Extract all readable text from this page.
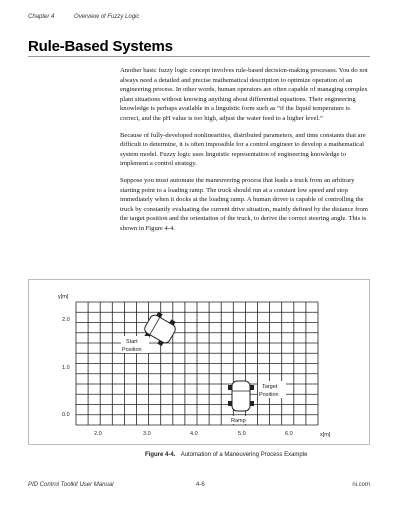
Chapter 4	Overview of Fuzzy Logic
Rule-Based Systems

Another basic fuzzy logic concept involves rule-based decision-making processes. You do not always need a detailed and precise mathematical description to optimize operation of an engineering process. In other words, human operators are often capable of managing complex plant situations without knowing anything about differential equations. Their engineering knowledge is perhaps available in a linguistic form such as “if the liquid temperature is correct, and the pH value is too high, adjust the water feed to a higher level.”

Because of fully-developed nonlinearities, distributed parameters, and time constants that are difficult to determine, it is often impossible for a control engineer to develop a mathematical system model. Fuzzy logic uses linguistic representation of engineering knowledge to implement a control strategy.

Suppose you must automate the maneuvering process that leads a truck from an arbitrary starting point to a loading ramp. The truck should run at a constant low speed and stop immediately when it docks at the loading ramp. A human driver is capable of controlling the truck by constantly evaluating the current drive situation, mainly defined by the distance from the target position and the orientation of the truck, to derive the correct steering angle. This is shown in Figure 4-4.

y[m]
x[m]
2.0
1.0
0.0
2.0	3.0	4.0	5.0	6.0
Start
Position
Target
Position
Ramp
Figure 4-4. Automation of a Maneuvering Process Example
PID Control Toolkit User Manual	4-6	ni.com
